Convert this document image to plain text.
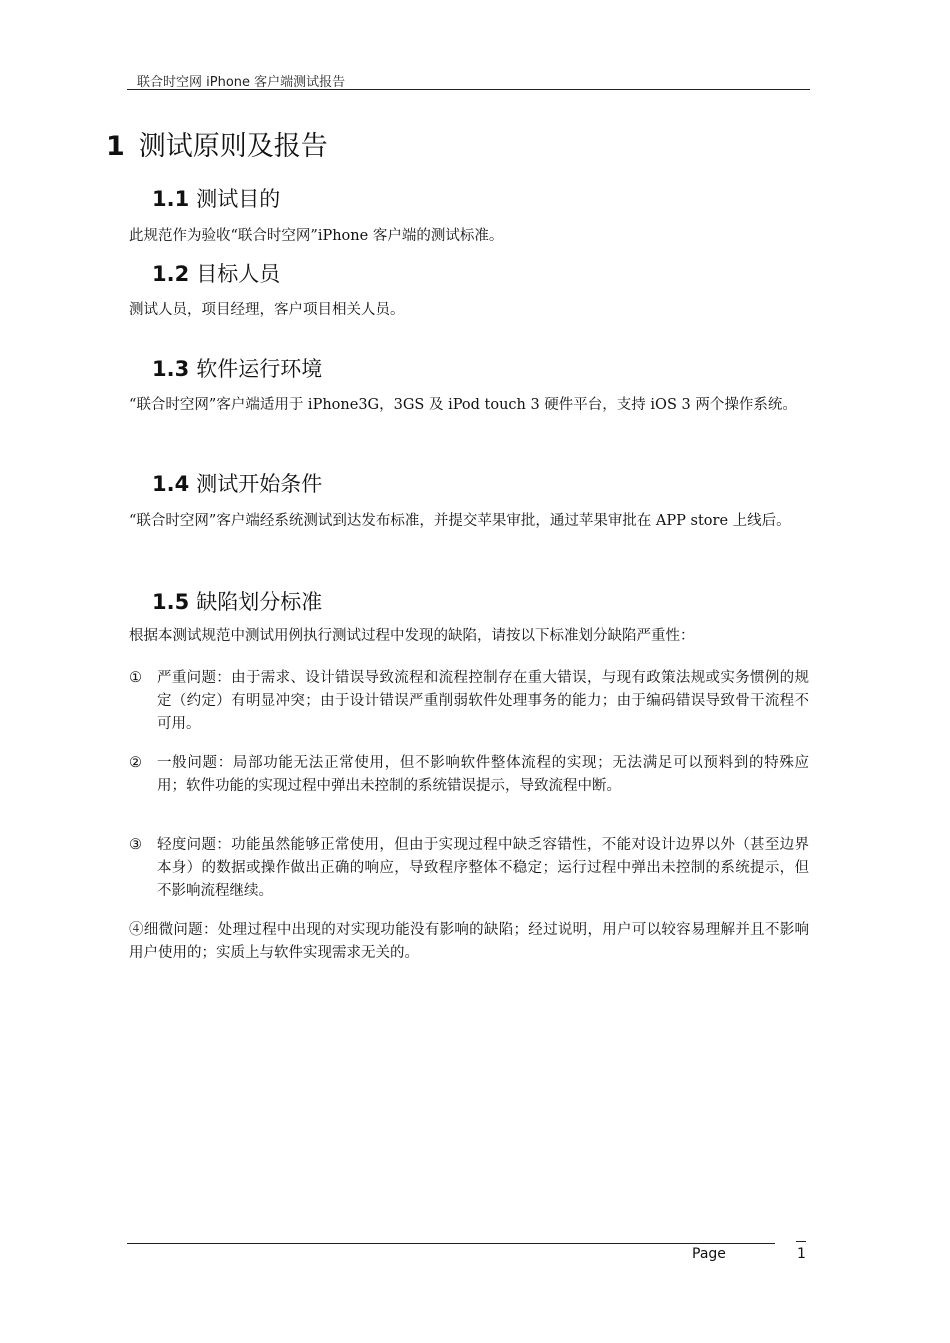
联合时空网 iPhone 客户端测试报告
1 测试原则及报告
1.1 测试目的
此规范作为验收“联合时空网”iPhone 客户端的测试标准。
1.2 目标人员
测试人员，项目经理，客户项目相关人员。
1.3 软件运行环境
“联合时空网”客户端适用于 iPhone3G，3GS 及 iPod touch 3 硬件平台，支持 iOS 3 两个操作系统。
1.4 测试开始条件
“联合时空网”客户端经系统测试到达发布标准，并提交苹果审批，通过苹果审批在 APP store 上线后。
1.5 缺陷划分标准
根据本测试规范中测试用例执行测试过程中发现的缺陷，请按以下标准划分缺陷严重性：
①	严重问题：由于需求、设计错误导致流程和流程控制存在重大错误，与现有政策法规或实务惯例的规定（约定）有明显冲突；由于设计错误严重削弱软件处理事务的能力；由于编码错误导致骨干流程不可用。
②	一般问题：局部功能无法正常使用，但不影响软件整体流程的实现；无法满足可以预料到的特殊应用；软件功能的实现过程中弹出未控制的系统错误提示，导致流程中断。
③	轻度问题：功能虽然能够正常使用，但由于实现过程中缺乏容错性，不能对设计边界以外（甚至边界本身）的数据或操作做出正确的响应，导致程序整体不稳定；运行过程中弹出未控制的系统提示，但不影响流程继续。
④细微问题：处理过程中出现的对实现功能没有影响的缺陷；经过说明，用户可以较容易理解并且不影响用户使用的；实质上与软件实现需求无关的。
Page	1
